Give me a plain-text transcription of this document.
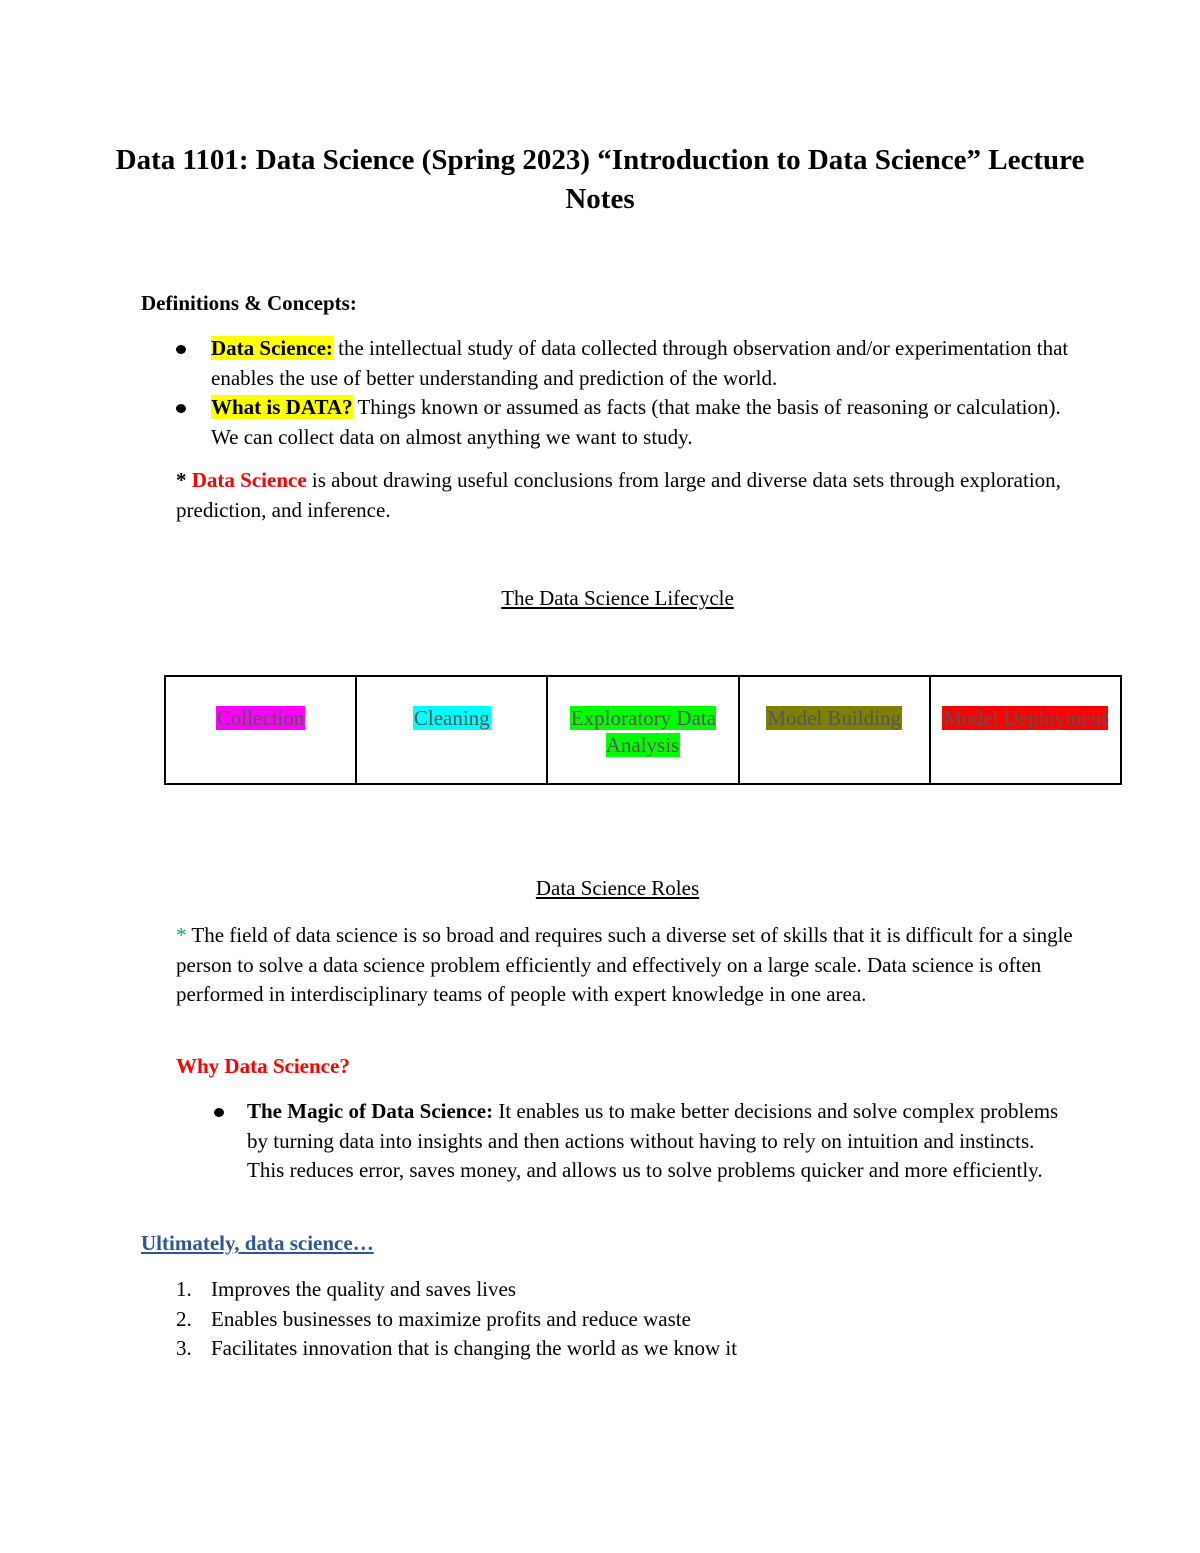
Data 1101: Data Science (Spring 2023) “Introduction to Data Science” Lecture Notes
Definitions & Concepts:
Data Science: the intellectual study of data collected through observation and/or experimentation that enables the use of better understanding and prediction of the world.
What is DATA? Things known or assumed as facts (that make the basis of reasoning or calculation). We can collect data on almost anything we want to study.
* Data Science is about drawing useful conclusions from large and diverse data sets through exploration, prediction, and inference.
The Data Science Lifecycle
Collection	Cleaning	Exploratory Data Analysis	Model Building	Model Deployment
Data Science Roles
* The field of data science is so broad and requires such a diverse set of skills that it is difficult for a single person to solve a data science problem efficiently and effectively on a large scale. Data science is often performed in interdisciplinary teams of people with expert knowledge in one area.
Why Data Science?
The Magic of Data Science: It enables us to make better decisions and solve complex problems by turning data into insights and then actions without having to rely on intuition and instincts. This reduces error, saves money, and allows us to solve problems quicker and more efficiently.
Ultimately, data science…
1. Improves the quality and saves lives
2. Enables businesses to maximize profits and reduce waste
3. Facilitates innovation that is changing the world as we know it
